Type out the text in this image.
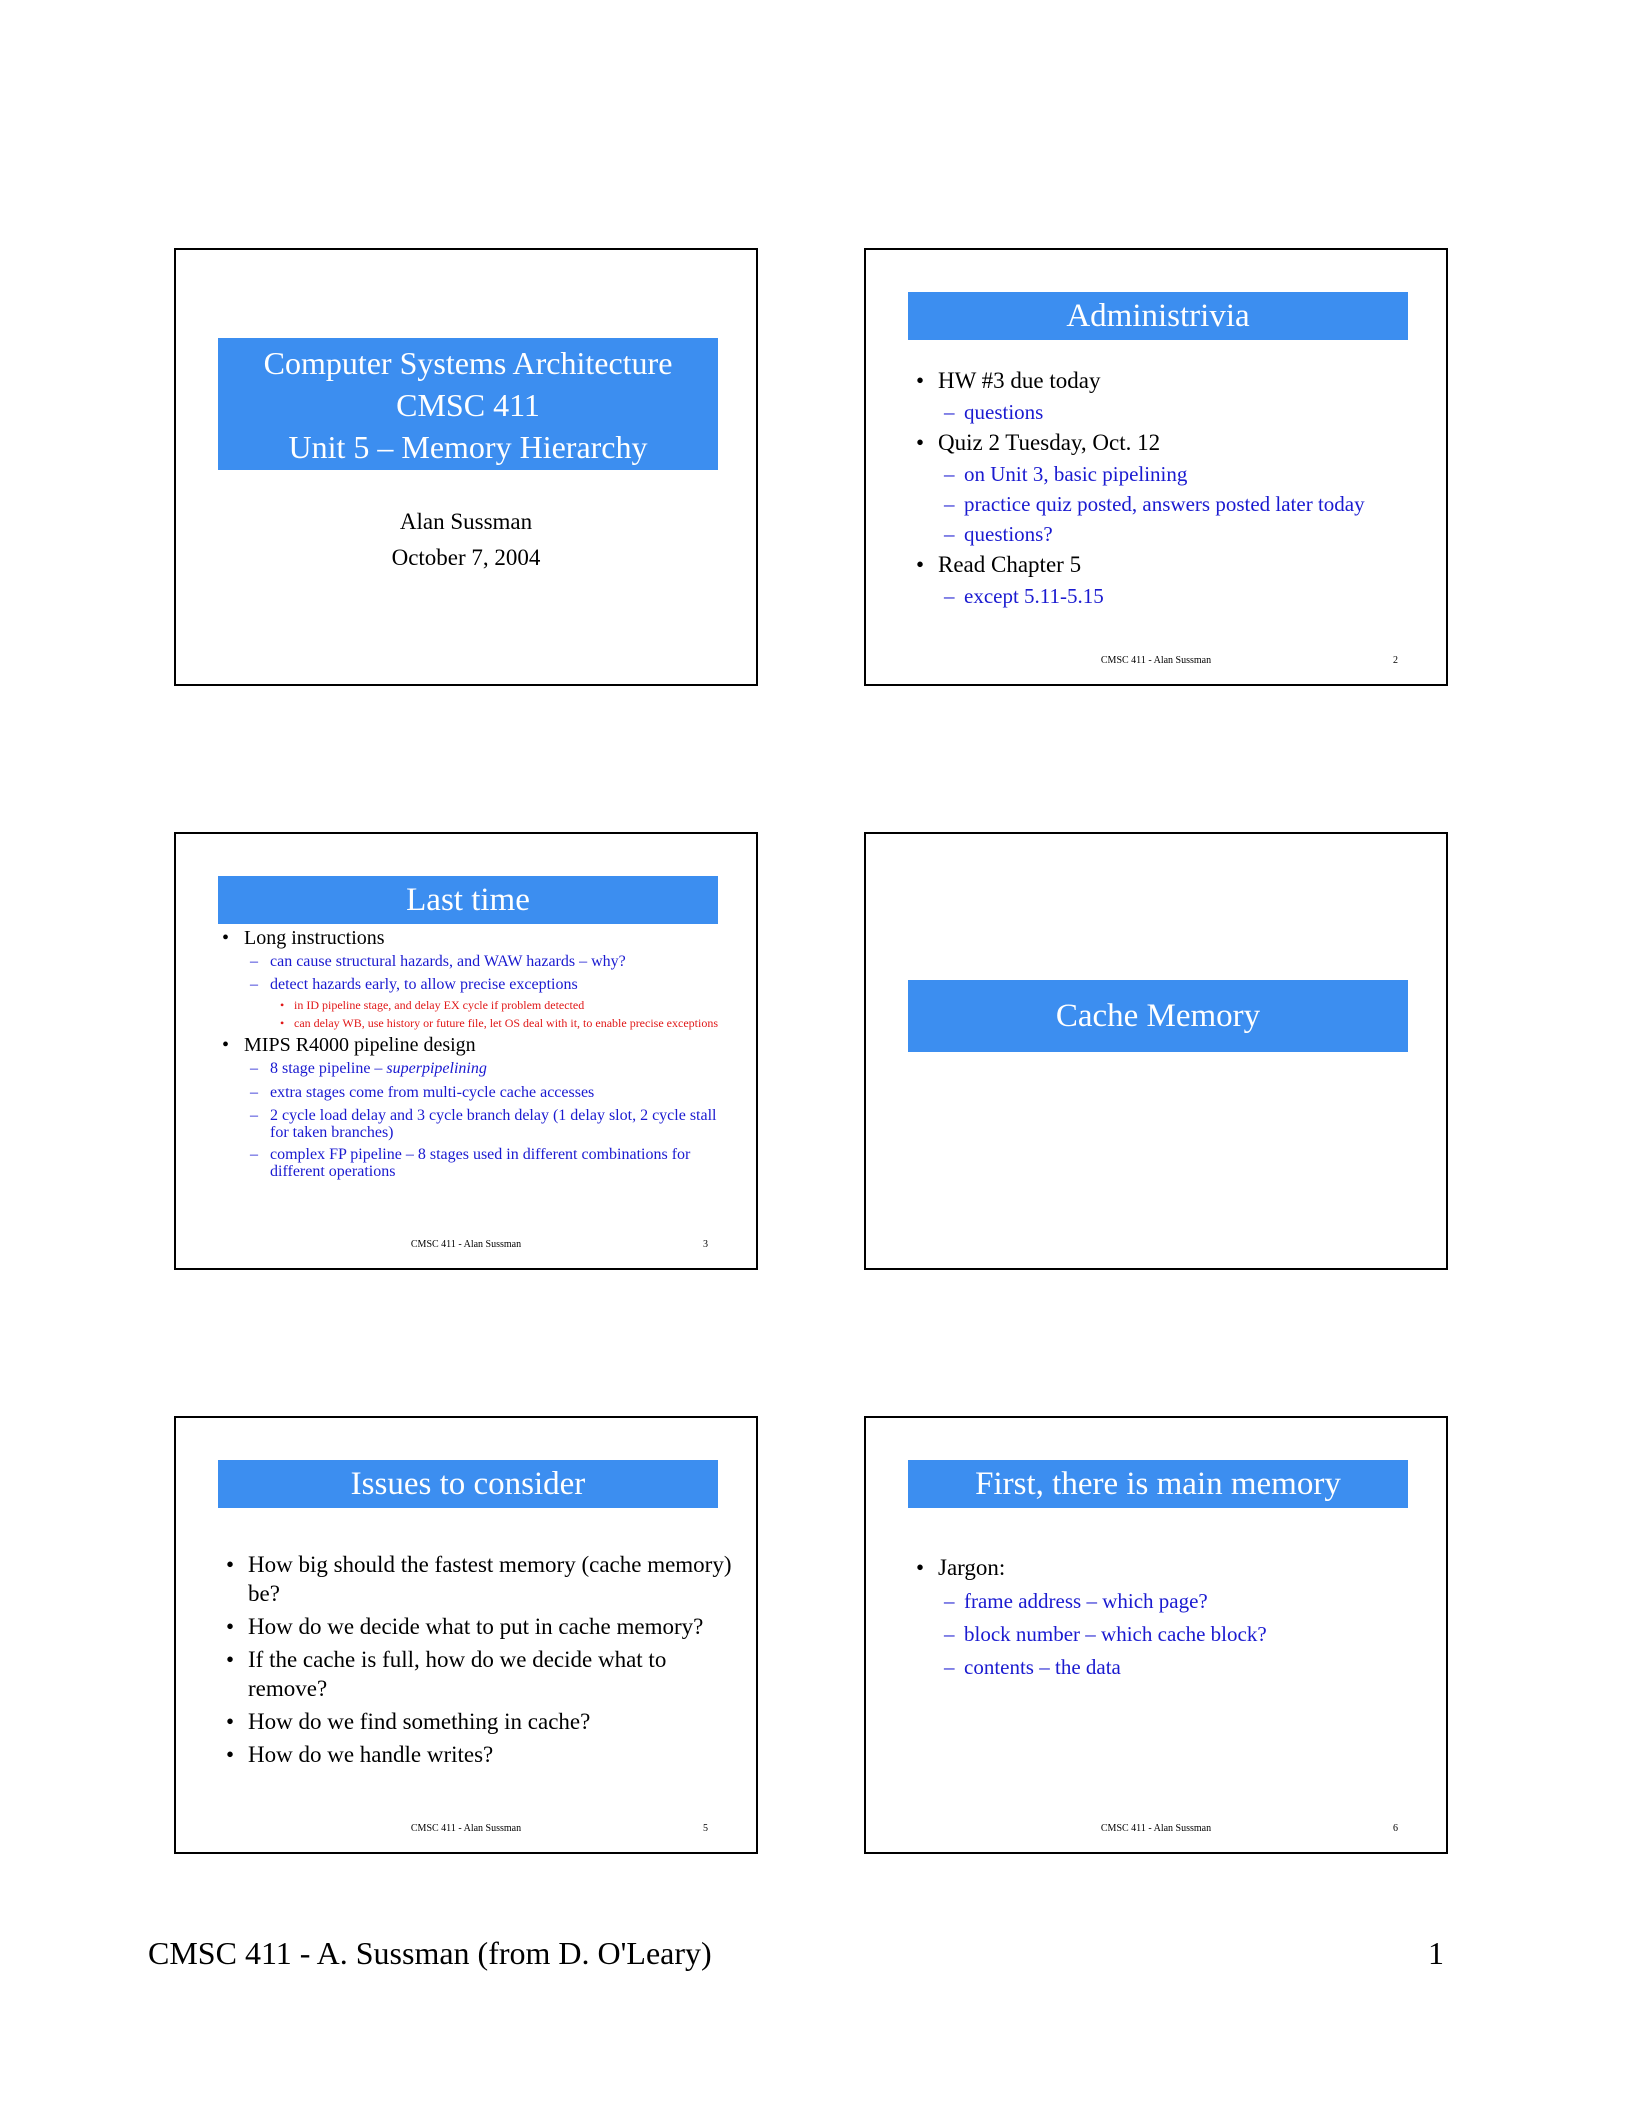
Computer Systems Architecture
CMSC 411
Unit 5 – Memory Hierarchy
Alan Sussman
October 7, 2004
Administrivia
• HW #3 due today
– questions
• Quiz 2 Tuesday, Oct. 12
– on Unit 3, basic pipelining
– practice quiz posted, answers posted later today
– questions?
• Read Chapter 5
– except 5.11-5.15
CMSC 411 - Alan Sussman	2
Last time
• Long instructions
– can cause structural hazards, and WAW hazards – why?
– detect hazards early, to allow precise exceptions
• in ID pipeline stage, and delay EX cycle if problem detected
• can delay WB, use history or future file, let OS deal with it, to enable precise exceptions
• MIPS R4000 pipeline design
– 8 stage pipeline – superpipelining
– extra stages come from multi-cycle cache accesses
– 2 cycle load delay and 3 cycle branch delay (1 delay slot, 2 cycle stall for taken branches)
– complex FP pipeline – 8 stages used in different combinations for different operations
CMSC 411 - Alan Sussman	3
Cache Memory
Issues to consider
• How big should the fastest memory (cache memory) be?
• How do we decide what to put in cache memory?
• If the cache is full, how do we decide what to remove?
• How do we find something in cache?
• How do we handle writes?
CMSC 411 - Alan Sussman	5
First, there is main memory
• Jargon:
– frame address – which page?
– block number – which cache block?
– contents – the data
CMSC 411 - Alan Sussman	6
CMSC 411 - A. Sussman (from D. O'Leary)	1
